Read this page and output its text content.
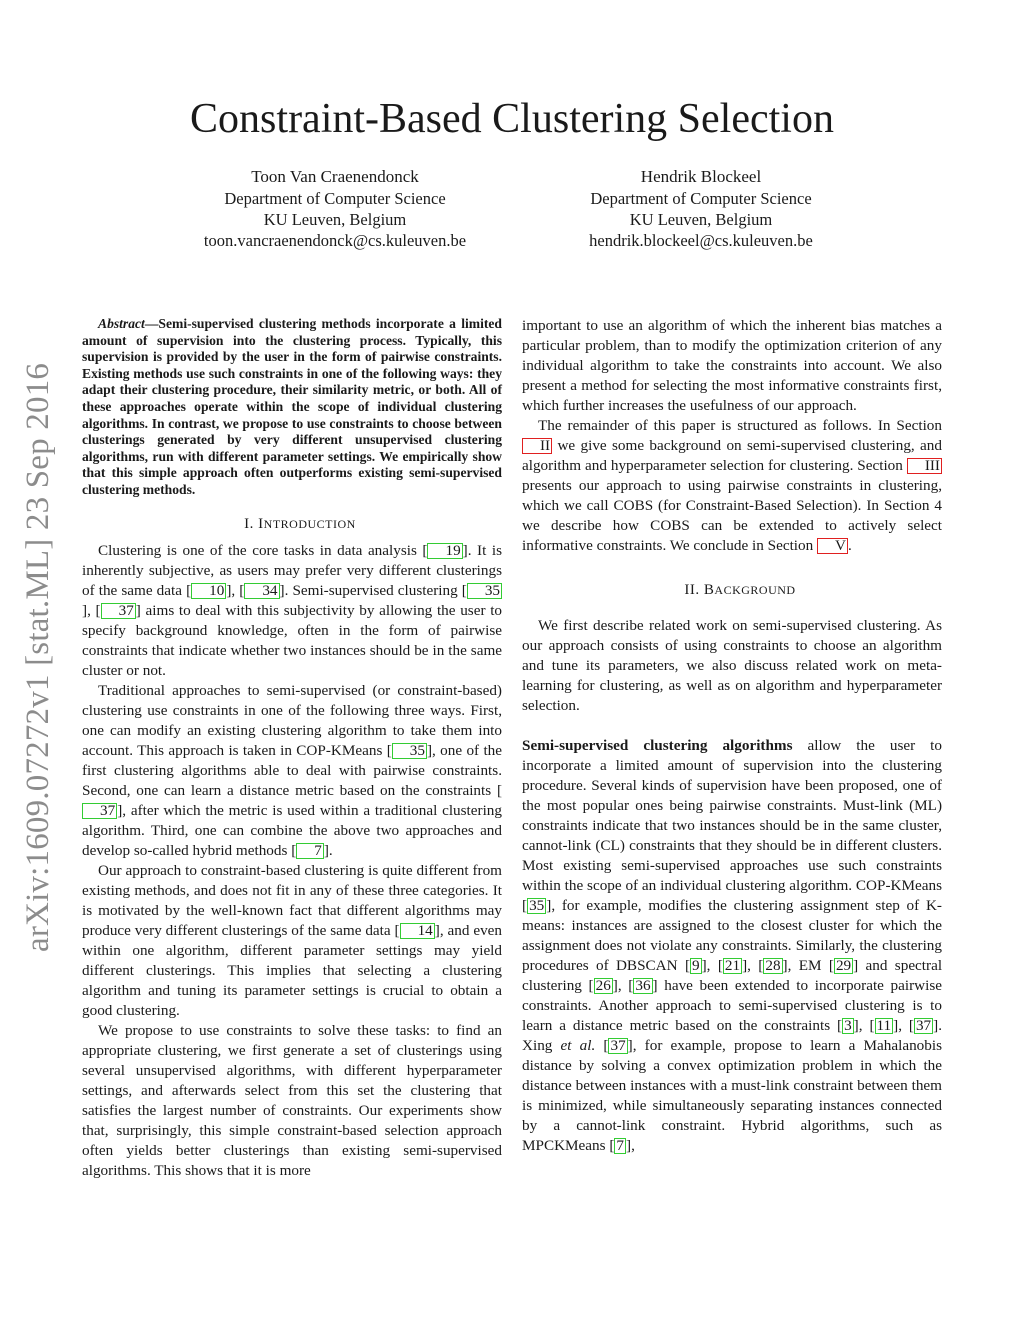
arXiv:1609.07272v1 [stat.ML] 23 Sep 2016
Constraint-Based Clustering Selection
Toon Van Craenendonck
Department of Computer Science
KU Leuven, Belgium
toon.vancraenendonck@cs.kuleuven.be
Hendrik Blockeel
Department of Computer Science
KU Leuven, Belgium
hendrik.blockeel@cs.kuleuven.be

Abstract—Semi-supervised clustering methods incorporate a limited amount of supervision into the clustering process. Typically, this supervision is provided by the user in the form of pairwise constraints. Existing methods use such constraints in one of the following ways: they adapt their clustering procedure, their similarity metric, or both. All of these approaches operate within the scope of individual clustering algorithms. In contrast, we propose to use constraints to choose between clusterings generated by very different unsupervised clustering algorithms, run with different parameter settings. We empirically show that this simple approach often outperforms existing semi-supervised clustering methods.

I. INTRODUCTION

Clustering is one of the core tasks in data analysis [ 19 ]. It is inherently subjective, as users may prefer very different clusterings of the same data [ 10 ], [ 34 ]. Semi-supervised clustering [ 35], [ 37 ] aims to deal with this subjectivity by allowing the user to specify background knowledge, often in the form of pairwise constraints that indicate whether two instances should be in the same cluster or not.

Traditional approaches to semi-supervised (or constraint-based) clustering use constraints in one of the following three ways. First, one can modify an existing clustering algorithm to take them into account. This approach is taken in COP-KMeans [ 35 ], one of the first clustering algorithms able to deal with pairwise constraints. Second, one can learn a distance metric based on the constraints [37 ], after which the metric is used within a traditional clustering algorithm. Third, one can combine the above two approaches and develop so-called hybrid methods [ 7 ].

Our approach to constraint-based clustering is quite different from existing methods, and does not fit in any of these three categories. It is motivated by the well-known fact that different algorithms may produce very different clusterings of the same data [ 14 ], and even within one algorithm, different parameter settings may yield different clusterings. This implies that selecting a clustering algorithm and tuning its parameter settings is crucial to obtain a good clustering.

We propose to use constraints to solve these tasks: to find an appropriate clustering, we first generate a set of clusterings using several unsupervised algorithms, with different hyperparameter settings, and afterwards select from this set the clustering that satisfies the largest number of constraints. Our experiments show that, surprisingly, this simple constraint-based selection approach often yields better clusterings than existing semi-supervised algorithms. This shows that it is more

important to use an algorithm of which the inherent bias matches a particular problem, than to modify the optimization criterion of any individual algorithm to take the constraints into account. We also present a method for selecting the most informative constraints first, which further increases the usefulness of our approach.

The remainder of this paper is structured as follows. In Section II we give some background on semi-supervised clustering, and algorithm and hyperparameter selection for clustering. Section III presents our approach to using pairwise constraints in clustering, which we call COBS (for Constraint-Based Selection). In Section 4 we describe how COBS can be extended to actively select informative constraints. We conclude in Section V .

II. BACKGROUND

We first describe related work on semi-supervised clustering. As our approach consists of using constraints to choose an algorithm and tune its parameters, we also discuss related work on meta-learning for clustering, as well as on algorithm and hyperparameter selection.

Semi-supervised clustering algorithms allow the user to incorporate a limited amount of supervision into the clustering procedure. Several kinds of supervision have been proposed, one of the most popular ones being pairwise constraints. Must-link (ML) constraints indicate that two instances should be in the same cluster, cannot-link (CL) constraints that they should be in different clusters. Most existing semi-supervised approaches use such constraints within the scope of an individual clustering algorithm. COP-KMeans [ 35 ], for example, modifies the clustering assignment step of K-means: instances are assigned to the closest cluster for which the assignment does not violate any constraints. Similarly, the clustering procedures of DBSCAN [ 9 ], [ 21 ], [ 28 ], EM [ 29 ] and spectral clustering [ 26 ], [ 36 ] have been extended to incorporate pairwise constraints. Another approach to semi-supervised clustering is to learn a distance metric based on the constraints [ 3 ], [ 11 ], [ 37 ]. Xing et al. [ 37 ], for example, propose to learn a Mahalanobis distance by solving a convex optimization problem in which the distance between instances with a must-link constraint between them is minimized, while simultaneously separating instances connected by a cannot-link constraint. Hybrid algorithms, such as MPCKMeans [ 7 ],
